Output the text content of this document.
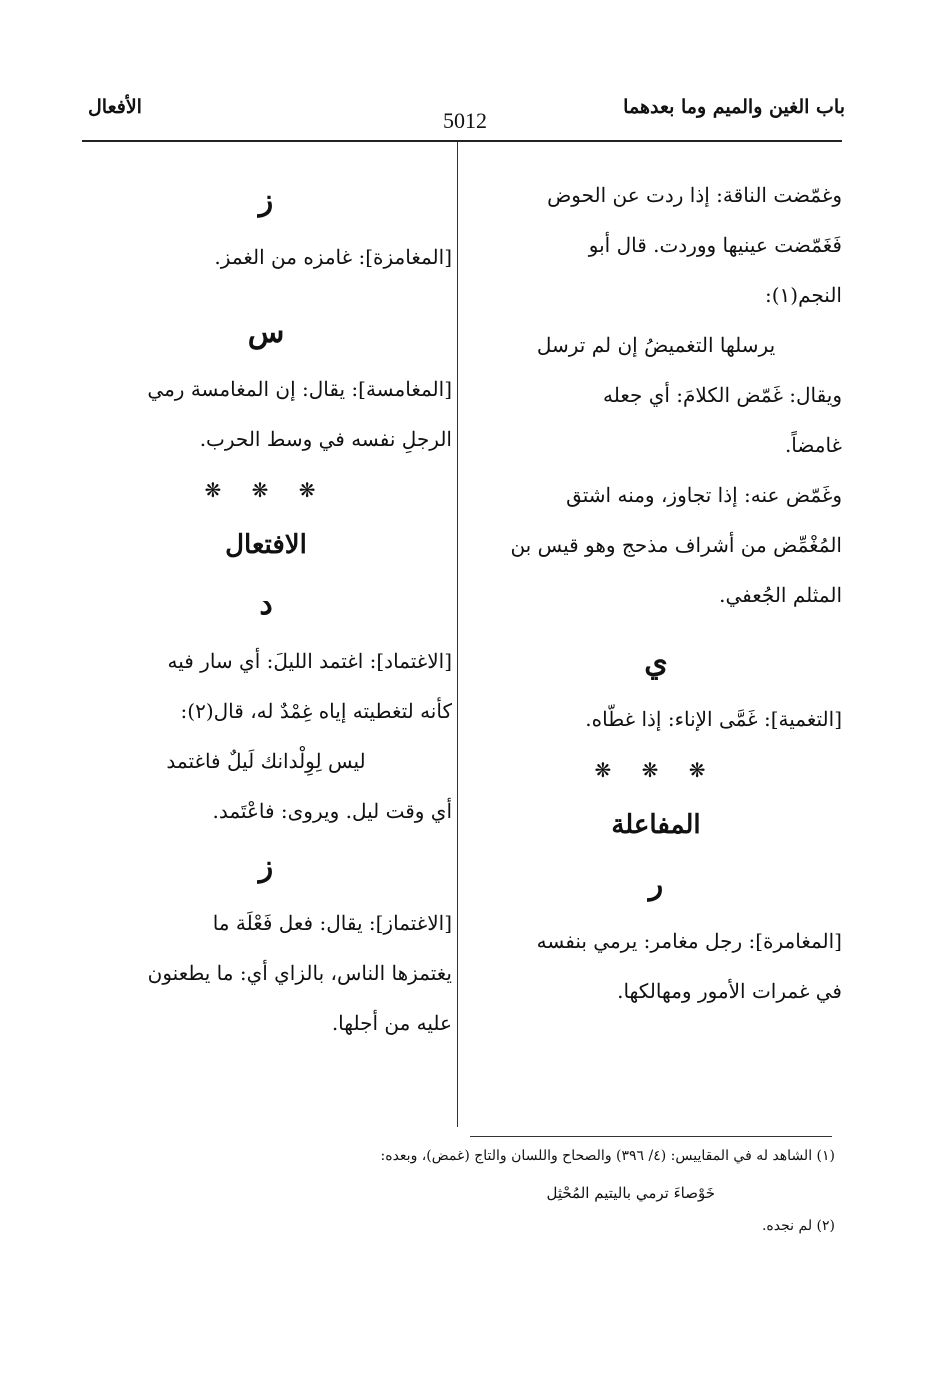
باب الغين والميم وما بعدهما
5012
الأفعال
وغمّضت الناقة: إذا ردت عن الحوض
فَغَمّضت عينيها ووردت. قال أبو
النجم(١):
يرسلها التغميضُ إن لم ترسل
ويقال: غَمّض الكلامَ: أي جعله
غامضاً.
وغَمّض عنه: إذا تجاوز، ومنه اشتق
المُغْمِّض من أشراف مذحج وهو قيس بن
المثلم الجُعفي.
ي
[التغمية]: غَمَّى الإناء: إذا غطّاه.
❋ ❋ ❋
المفاعلة
ر
[المغامرة]: رجل مغامر: يرمي بنفسه
في غمرات الأمور ومهالكها.
ز
[المغامزة]: غامزه من الغمز.
س
[المغامسة]: يقال: إن المغامسة رمي
الرجلِ نفسه في وسط الحرب.
❋ ❋ ❋
الافتعال
د
[الاغتماد]: اغتمد الليلَ: أي سار فيه
كأنه لتغطيته إياه غِمْدٌ له، قال(٢):
ليس لِوِلْدانك لَيلٌ فاغتمد
أي وقت ليل. ويروى: فاعْتَمد.
ز
[الاغتماز]: يقال: فعل فَعْلَة ما
يغتمزها الناس، بالزاي أي: ما يطعنون
عليه من أجلها.
(١) الشاهد له في المقاييس: (٤/ ٣٩٦) والصحاح واللسان والتاج (غمض)، وبعده:
خَوْصاءَ ترمي باليتيم المُحْثِل
(٢) لم نجده.
